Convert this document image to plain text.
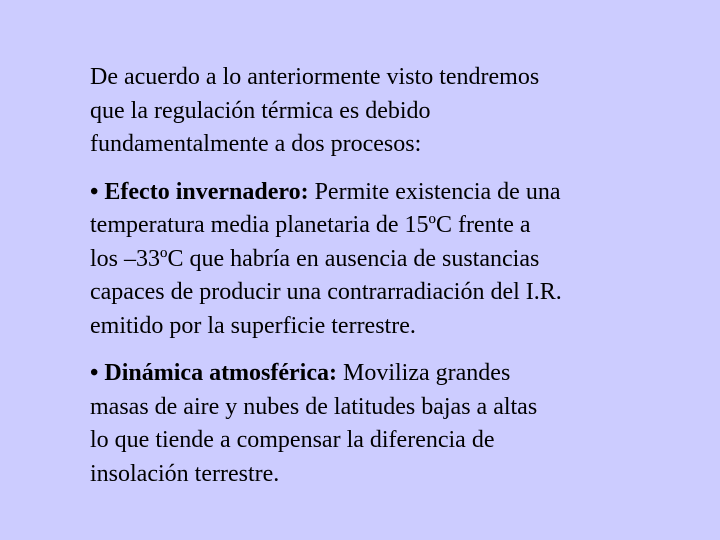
De acuerdo a lo anteriormente visto tendremos
que la regulación térmica es debido
fundamentalmente a dos procesos:
• Efecto invernadero: Permite existencia de una
temperatura media planetaria de 15ºC frente a
los –33ºC que habría en ausencia de sustancias
capaces de producir una contrarradiación del I.R.
emitido por la superficie terrestre.
• Dinámica atmosférica: Moviliza grandes
masas de aire y nubes de latitudes bajas a altas
lo que tiende a compensar la diferencia de
insolación terrestre.
